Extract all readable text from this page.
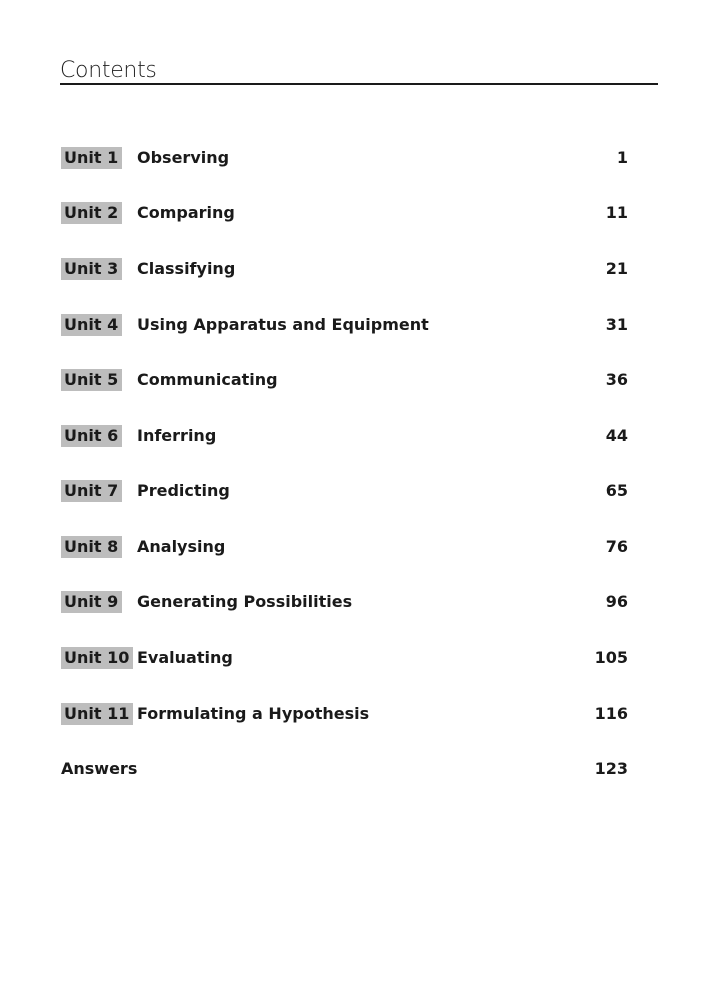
Contents
Unit 1 Observing	1
Unit 2 Comparing	11
Unit 3 Classifying	21
Unit 4 Using Apparatus and Equipment	31
Unit 5 Communicating	36
Unit 6 Inferring	44
Unit 7 Predicting	65
Unit 8 Analysing	76
Unit 9 Generating Possibilities	96
Unit 10 Evaluating	105
Unit 11 Formulating a Hypothesis	116
Answers	123
